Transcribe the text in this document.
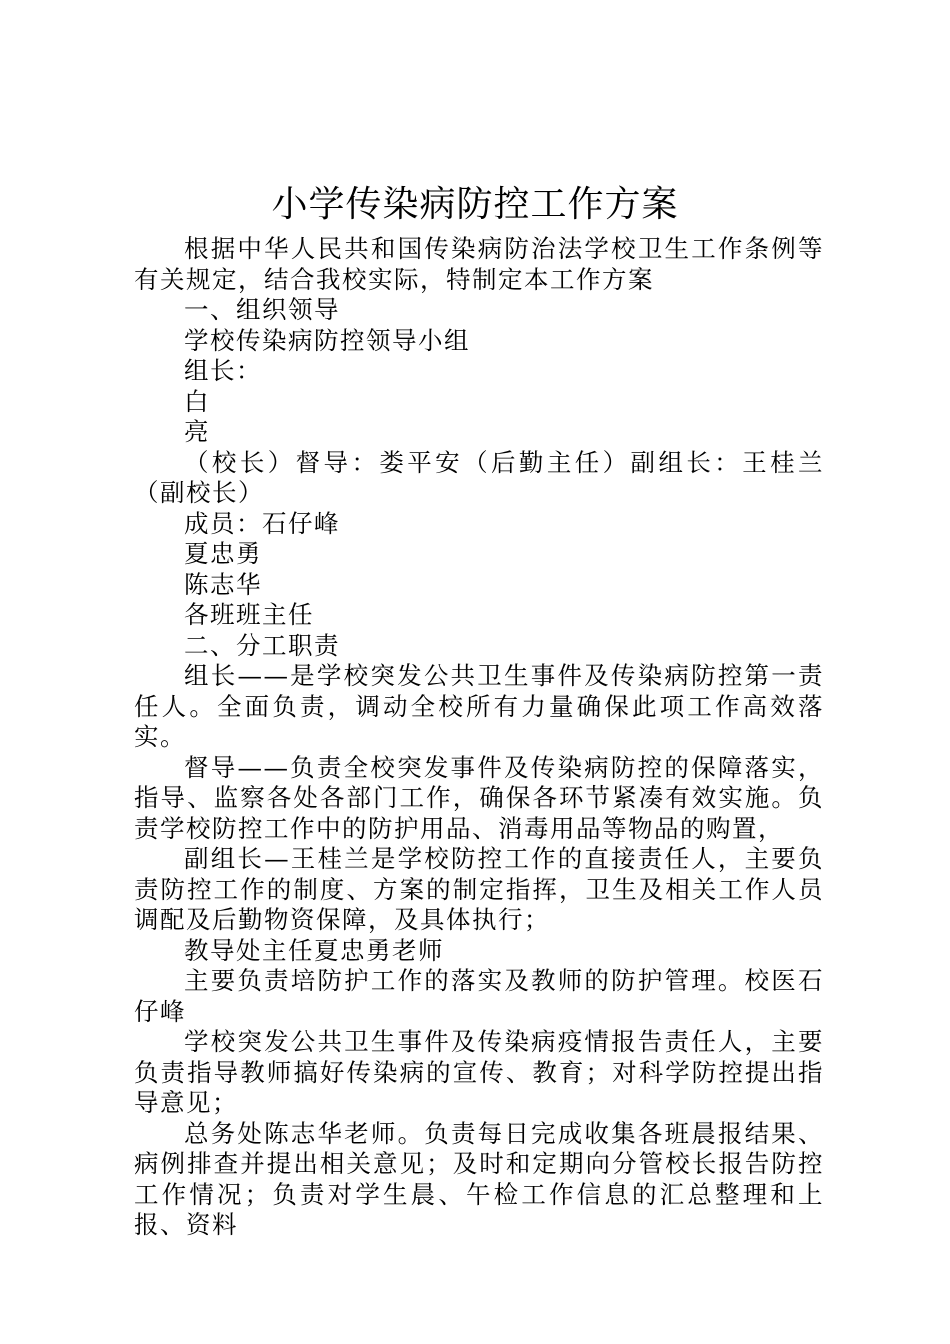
小学传染病防控工作方案

根据中华人民共和国传染病防治法学校卫生工作条例等有关规定，结合我校实际，特制定本工作方案

一、组织领导

学校传染病防控领导小组

组长：

白

亮

（校长）督导：娄平安（后勤主任）副组长：王桂兰（副校长）

成员：石仔峰

夏忠勇

陈志华

各班班主任

二、分工职责

组长——是学校突发公共卫生事件及传染病防控第一责任人。全面负责，调动全校所有力量确保此项工作高效落实。

督导——负责全校突发事件及传染病防控的保障落实，指导、监察各处各部门工作，确保各环节紧凑有效实施。负责学校防控工作中的防护用品、消毒用品等物品的购置，

副组长—王桂兰是学校防控工作的直接责任人，主要负责防控工作的制度、方案的制定指挥，卫生及相关工作人员调配及后勤物资保障，及具体执行；

教导处主任夏忠勇老师

主要负责培防护工作的落实及教师的防护管理。校医石仔峰

学校突发公共卫生事件及传染病疫情报告责任人，主要负责指导教师搞好传染病的宣传、教育；对科学防控提出指导意见；

总务处陈志华老师。负责每日完成收集各班晨报结果、病例排查并提出相关意见；及时和定期向分管校长报告防控工作情况；负责对学生晨、午检工作信息的汇总整理和上报、资料
